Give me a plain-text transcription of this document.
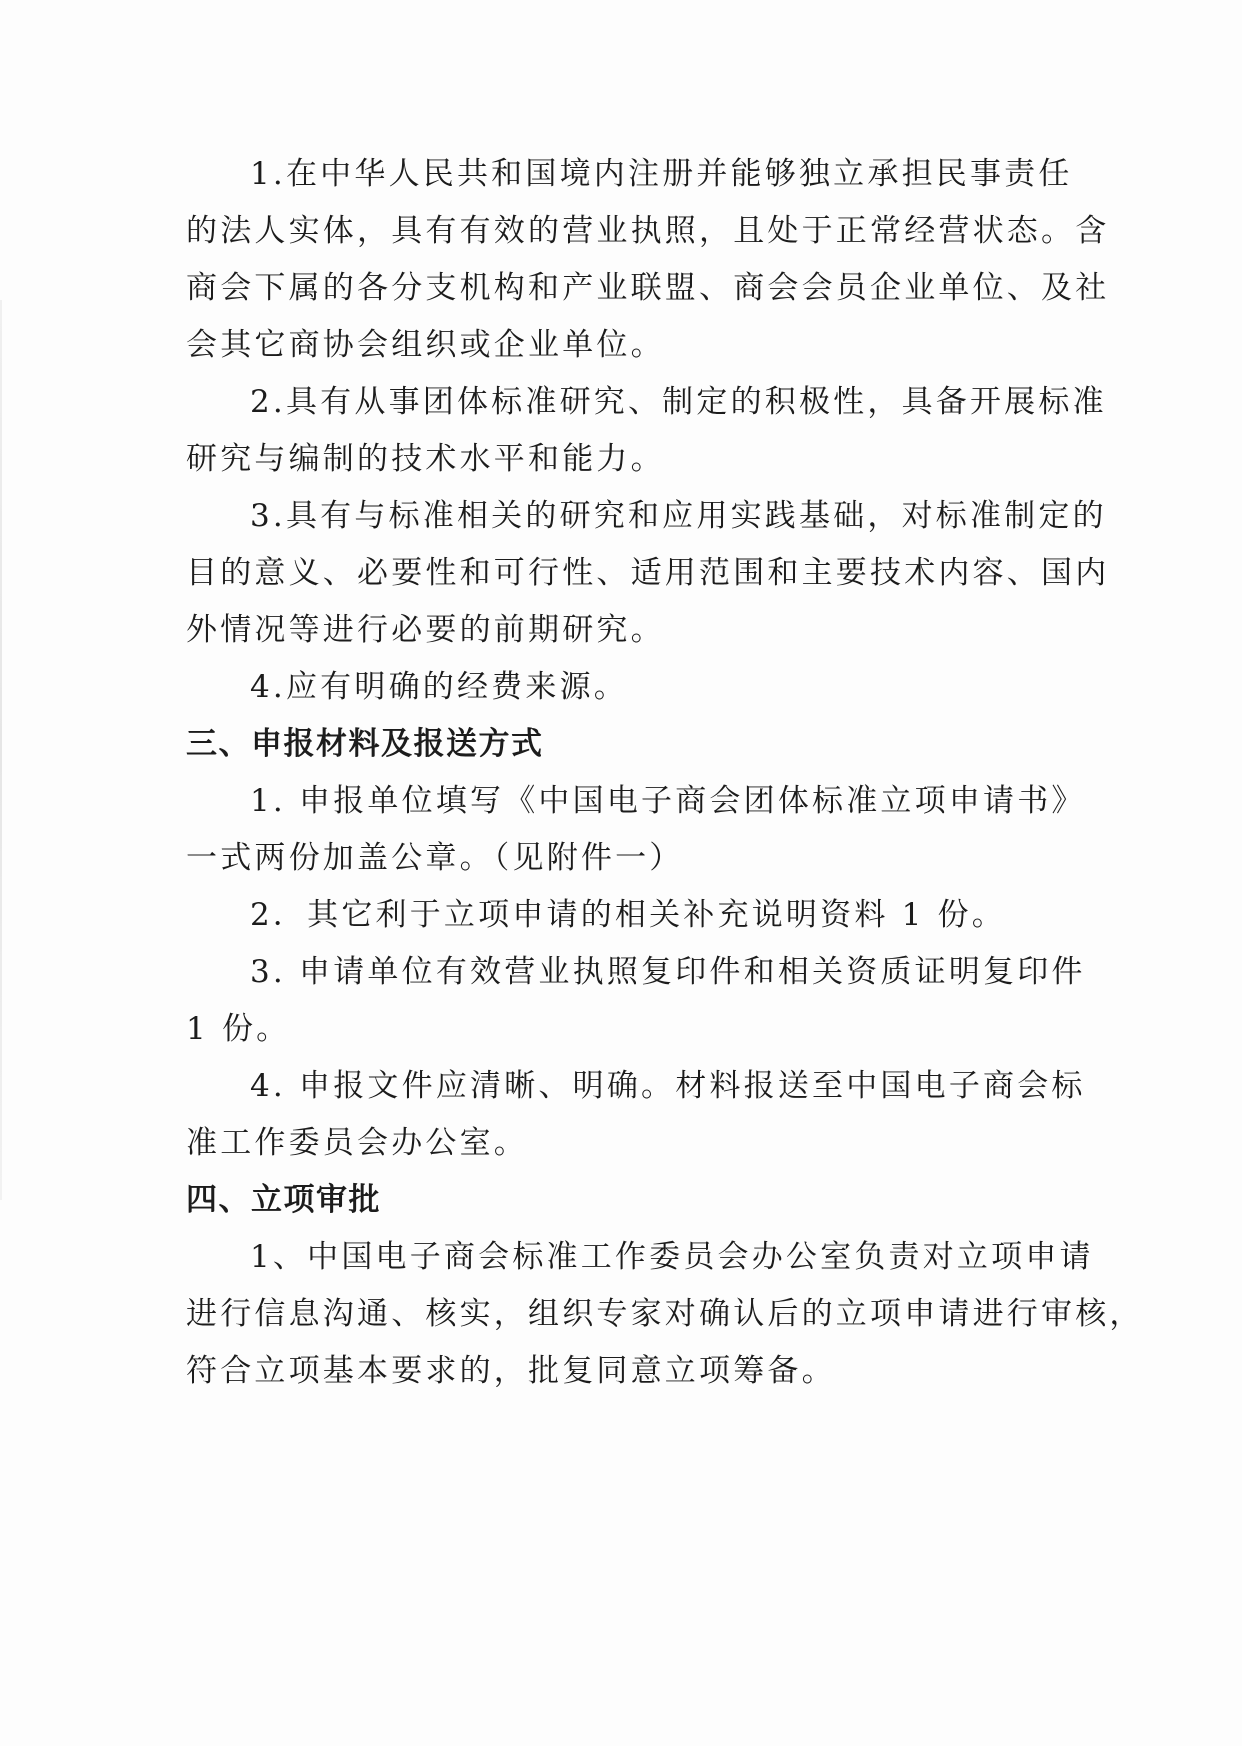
1.在中华人民共和国境内注册并能够独立承担民事责任
的法人实体，具有有效的营业执照，且处于正常经营状态。含
商会下属的各分支机构和产业联盟、商会会员企业单位、及社
会其它商协会组织或企业单位。
2.具有从事团体标准研究、制定的积极性，具备开展标准
研究与编制的技术水平和能力。
3.具有与标准相关的研究和应用实践基础，对标准制定的
目的意义、必要性和可行性、适用范围和主要技术内容、国内
外情况等进行必要的前期研究。
4.应有明确的经费来源。
三、申报材料及报送方式
1. 申报单位填写《中国电子商会团体标准立项申请书》
一式两份加盖公章。（见附件一）
2．其它利于立项申请的相关补充说明资料 1 份。
3. 申请单位有效营业执照复印件和相关资质证明复印件
1 份。
4. 申报文件应清晰、明确。材料报送至中国电子商会标
准工作委员会办公室。
四、立项审批
1、中国电子商会标准工作委员会办公室负责对立项申请
进行信息沟通、核实，组织专家对确认后的立项申请进行审核，
符合立项基本要求的，批复同意立项筹备。
